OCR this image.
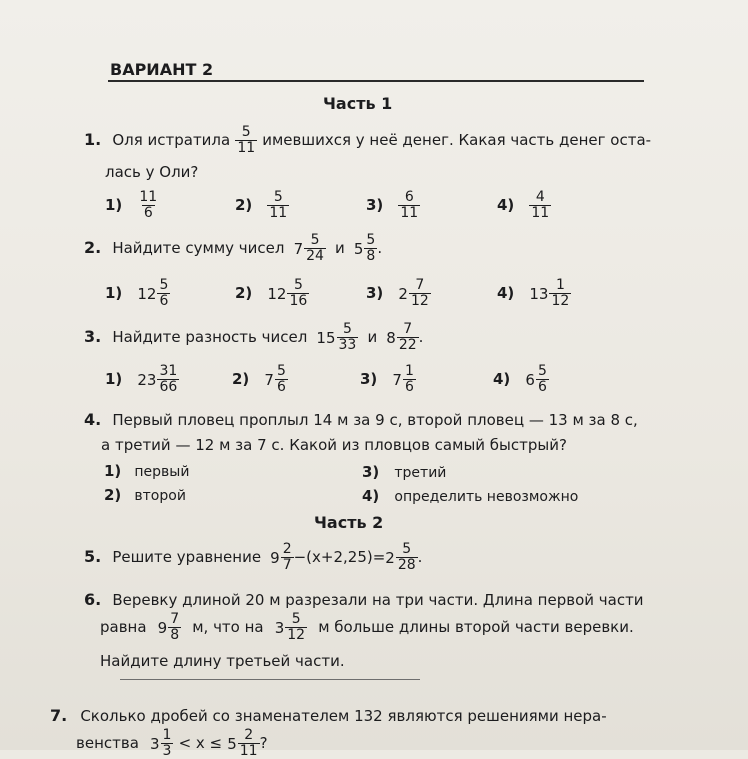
ВАРИАНТ 2
Часть 1
1. Оля истратила $\frac{5}{11}$ имевшихся у неё денег. Какая часть денег оста-
лась у Оли?
$1) \frac{11}{6}$	$2) \frac{5}{11}$	$3) \frac{6}{11}$	$4) \frac{4}{11}$
2. Найдите сумму чисел $7 \frac{5}{24}$ и $5 \frac{5}{8}$ .
1) $12 \frac{5}{6}$	2) $12 \frac{5}{16}$	3) $2 \frac{7}{12}$	4) $13 \frac{1}{12}$
3. Найдите разность чисел $15 \frac{5}{33}$ и $8 \frac{7}{22}$ .
1) $23 \frac{31}{66}$	2) $7 \frac{5}{6}$	3) $7 \frac{1}{6}$	4) $6 \frac{5}{6}$
4. Первый пловец проплыл 14 м за 9 с, второй пловец — 13 м за 8 с,
а третий — 12 м за 7 с. Какой из пловцов самый быстрый?
1) первый
2) второй
3) третий
4) определить невозможно
Часть 2
5. Решите уравнение $9 \frac{2}{7} -(x+2,25)=2 \frac{5}{28}$ .
6. Веревку длиной 20 м разрезали на три части. Длина первой части
равна $9 \frac{7}{8} м$, что на $3 \frac{5}{12}$ м больше длины второй части веревки.
Найдите длину третьей части.
7. Сколько дробей со знаменателем 132 являются решениями нера-
венства $3 \frac{1}{3} < x \le 5 \frac{2}{11}$ ?
